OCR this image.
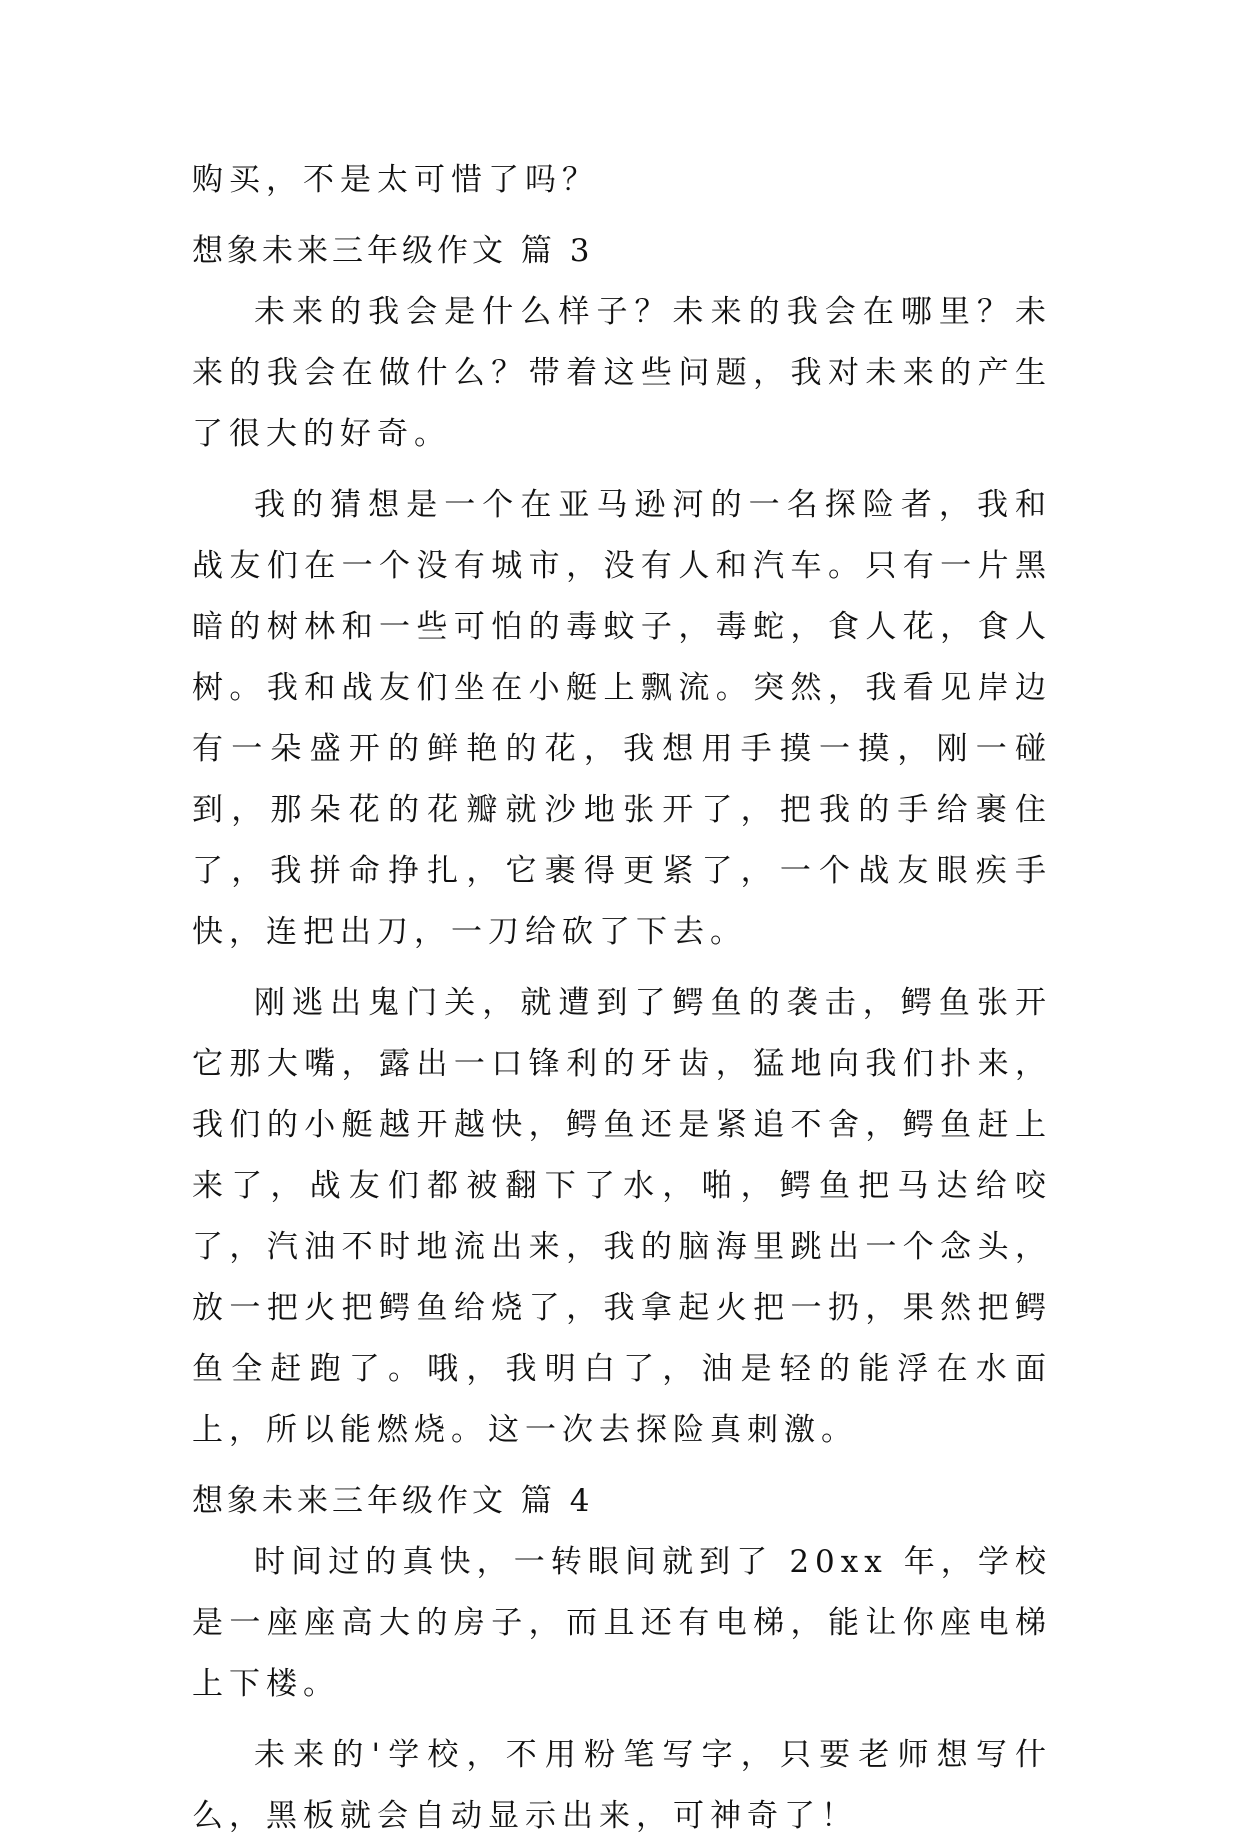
购买，不是太可惜了吗？

想象未来三年级作文 篇 3

未来的我会是什么样子？未来的我会在哪里？未来的我会在做什么？带着这些问题，我对未来的产生了很大的好奇。

我的猜想是一个在亚马逊河的一名探险者，我和战友们在一个没有城市，没有人和汽车。只有一片黑暗的树林和一些可怕的毒蚊子，毒蛇，食人花，食人树。我和战友们坐在小艇上飘流。突然，我看见岸边有一朵盛开的鲜艳的花，我想用手摸一摸，刚一碰到，那朵花的花瓣就沙地张开了，把我的手给裹住了，我拼命挣扎，它裹得更紧了，一个战友眼疾手快，连把出刀，一刀给砍了下去。

刚逃出鬼门关，就遭到了鳄鱼的袭击，鳄鱼张开它那大嘴，露出一口锋利的牙齿，猛地向我们扑来，我们的小艇越开越快，鳄鱼还是紧追不舍，鳄鱼赶上来了，战友们都被翻下了水，啪，鳄鱼把马达给咬了，汽油不时地流出来，我的脑海里跳出一个念头，放一把火把鳄鱼给烧了，我拿起火把一扔，果然把鳄鱼全赶跑了。哦，我明白了，油是轻的能浮在水面上，所以能燃烧。这一次去探险真刺激。

想象未来三年级作文 篇 4

时间过的真快，一转眼间就到了 20xx 年，学校是一座座高大的房子，而且还有电梯，能让你座电梯上下楼。

未来的'学校，不用粉笔写字，只要老师想写什么，黑板就会自动显示出来，可神奇了！
